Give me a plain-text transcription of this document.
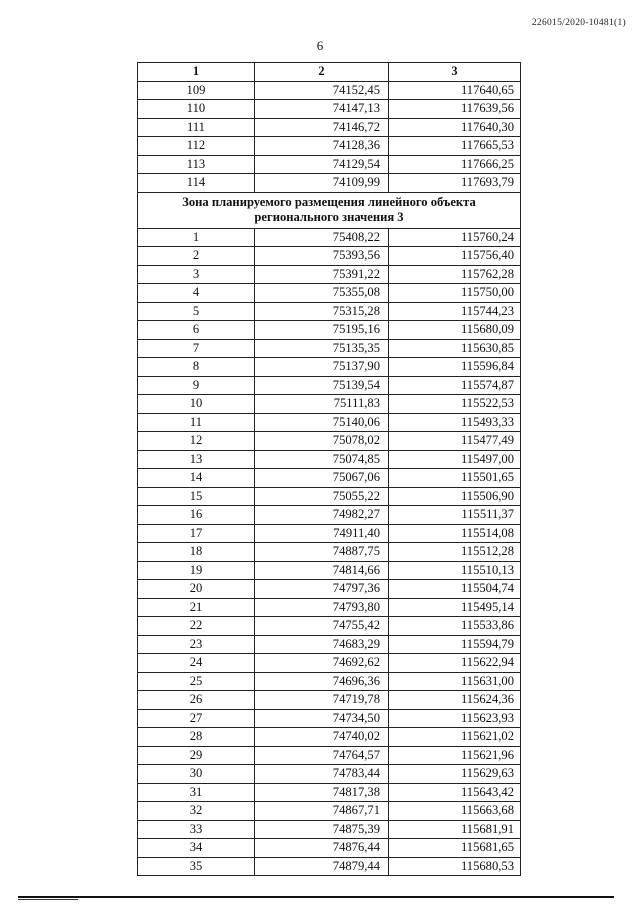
226015/2020-10481(1)
6
1	2	3
109	74152,45	117640,65
110	74147,13	117639,56
111	74146,72	117640,30
112	74128,36	117665,53
113	74129,54	117666,25
114	74109,99	117693,79
Зона планируемого размещения линейного объекта регионального значения 3		
1	75408,22	115760,24
2	75393,56	115756,40
3	75391,22	115762,28
4	75355,08	115750,00
5	75315,28	115744,23
6	75195,16	115680,09
7	75135,35	115630,85
8	75137,90	115596,84
9	75139,54	115574,87
10	75111,83	115522,53
11	75140,06	115493,33
12	75078,02	115477,49
13	75074,85	115497,00
14	75067,06	115501,65
15	75055,22	115506,90
16	74982,27	115511,37
17	74911,40	115514,08
18	74887,75	115512,28
19	74814,66	115510,13
20	74797,36	115504,74
21	74793,80	115495,14
22	74755,42	115533,86
23	74683,29	115594,79
24	74692,62	115622,94
25	74696,36	115631,00
26	74719,78	115624,36
27	74734,50	115623,93
28	74740,02	115621,02
29	74764,57	115621,96
30	74783,44	115629,63
31	74817,38	115643,42
32	74867,71	115663,68
33	74875,39	115681,91
34	74876,44	115681,65
35	74879,44	115680,53
